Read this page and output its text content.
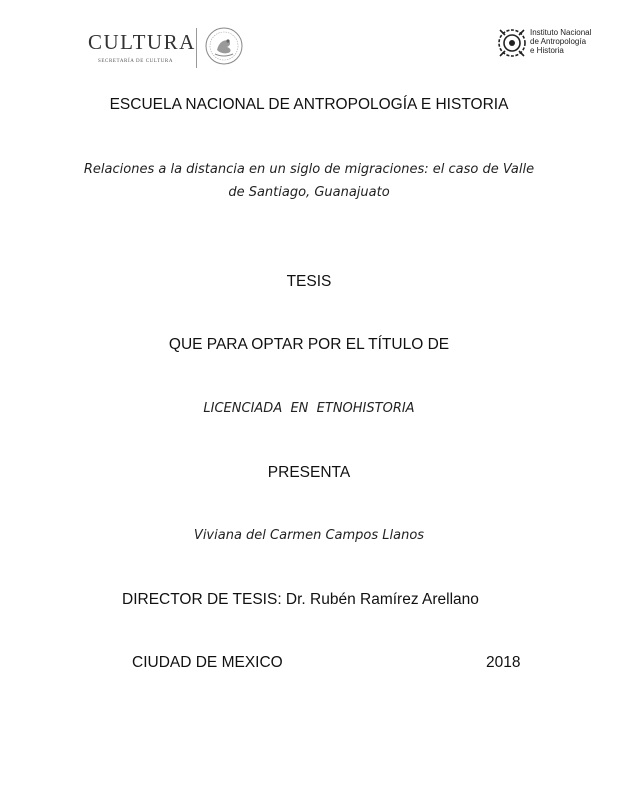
CULTURA
SECRETARÍA DE CULTURA
Instituto Nacional
de Antropología
e Historia
ESCUELA NACIONAL DE ANTROPOLOGÍA E HISTORIA
Relaciones a la distancia en un siglo de migraciones: el caso de Valle
de Santiago, Guanajuato
TESIS
QUE PARA OPTAR POR EL TÍTULO DE
LICENCIADA  EN  ETNOHISTORIA
PRESENTA
Viviana del Carmen Campos Llanos
DIRECTOR DE TESIS: Dr. Rubén Ramírez Arellano
CIUDAD DE MEXICO	2018
